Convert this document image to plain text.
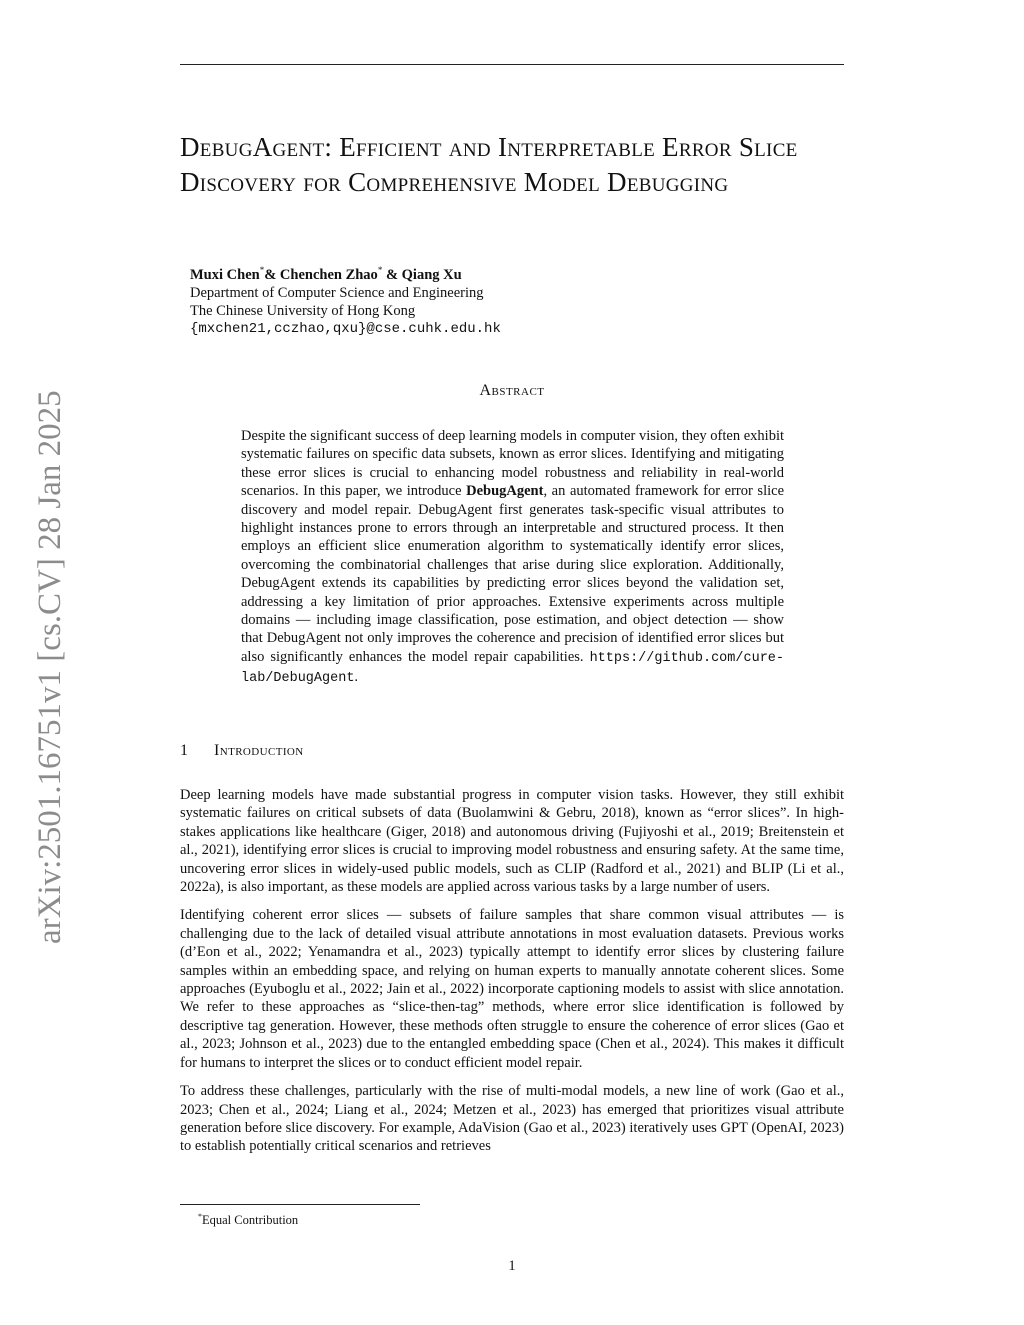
arXiv:2501.16751v1 [cs.CV] 28 Jan 2025
DebugAgent: Efficient and Interpretable Error Slice Discovery for Comprehensive Model Debugging
Muxi Chen*& Chenchen Zhao* & Qiang Xu
Department of Computer Science and Engineering
The Chinese University of Hong Kong
{mxchen21,cczhao,qxu}@cse.cuhk.edu.hk
Abstract
Despite the significant success of deep learning models in computer vision, they often exhibit systematic failures on specific data subsets, known as error slices. Identifying and mitigating these error slices is crucial to enhancing model robustness and reliability in real-world scenarios. In this paper, we introduce DebugAgent, an automated framework for error slice discovery and model repair. DebugAgent first generates task-specific visual attributes to highlight instances prone to errors through an interpretable and structured process. It then employs an efficient slice enumeration algorithm to systematically identify error slices, overcoming the combinatorial challenges that arise during slice exploration. Additionally, DebugAgent extends its capabilities by predicting error slices beyond the validation set, addressing a key limitation of prior approaches. Extensive experiments across multiple domains — including image classification, pose estimation, and object detection — show that DebugAgent not only improves the coherence and precision of identified error slices but also significantly enhances the model repair capabilities. https://github.com/cure-lab/DebugAgent.
1 Introduction

Deep learning models have made substantial progress in computer vision tasks. However, they still exhibit systematic failures on critical subsets of data (Buolamwini & Gebru, 2018), known as “error slices”. In high-stakes applications like healthcare (Giger, 2018) and autonomous driving (Fujiyoshi et al., 2019; Breitenstein et al., 2021), identifying error slices is crucial to improving model robustness and ensuring safety. At the same time, uncovering error slices in widely-used public models, such as CLIP (Radford et al., 2021) and BLIP (Li et al., 2022a), is also important, as these models are applied across various tasks by a large number of users.

Identifying coherent error slices — subsets of failure samples that share common visual attributes — is challenging due to the lack of detailed visual attribute annotations in most evaluation datasets. Previous works (d’Eon et al., 2022; Yenamandra et al., 2023) typically attempt to identify error slices by clustering failure samples within an embedding space, and relying on human experts to manually annotate coherent slices. Some approaches (Eyuboglu et al., 2022; Jain et al., 2022) incorporate captioning models to assist with slice annotation. We refer to these approaches as “slice-then-tag” methods, where error slice identification is followed by descriptive tag generation. However, these methods often struggle to ensure the coherence of error slices (Gao et al., 2023; Johnson et al., 2023) due to the entangled embedding space (Chen et al., 2024). This makes it difficult for humans to interpret the slices or to conduct efficient model repair.

To address these challenges, particularly with the rise of multi-modal models, a new line of work (Gao et al., 2023; Chen et al., 2024; Liang et al., 2024; Metzen et al., 2023) has emerged that prioritizes visual attribute generation before slice discovery. For example, AdaVision (Gao et al., 2023) iteratively uses GPT (OpenAI, 2023) to establish potentially critical scenarios and retrieves

*Equal Contribution
1
